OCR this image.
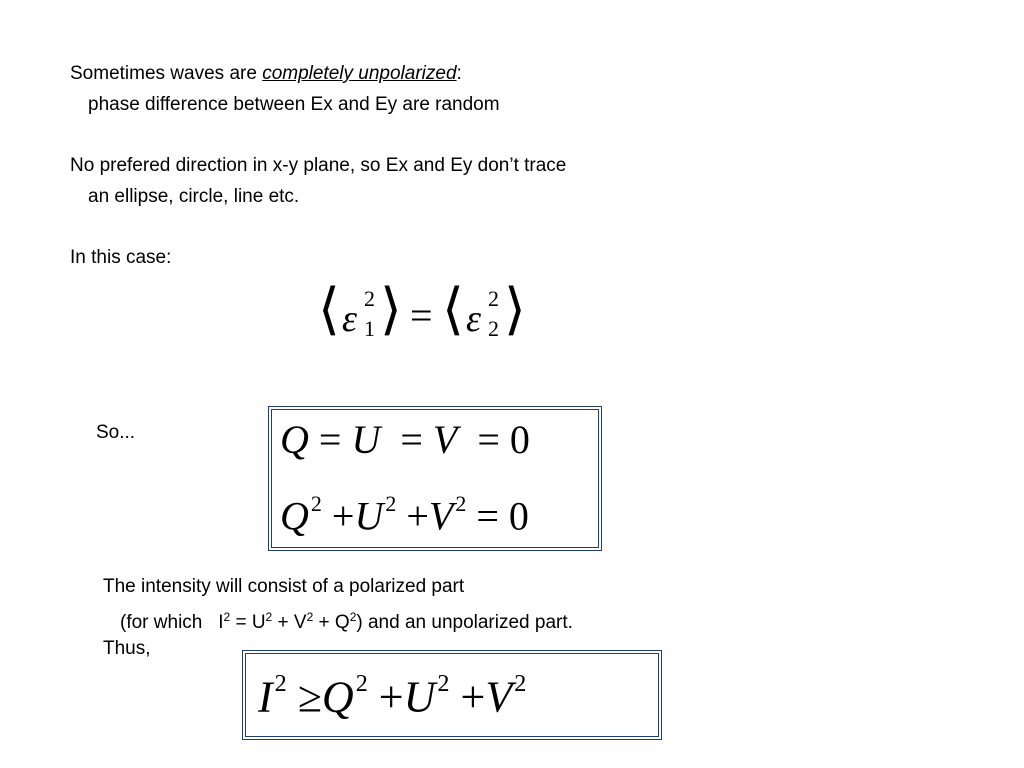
Sometimes waves are completely unpolarized:
phase difference between Ex and Ey are random
No prefered direction in x-y plane, so Ex and Ey don’t trace
an ellipse, circle, line etc.
In this case:
⟨ ε 2
1 ⟩ = ⟨ ε 2
2 ⟩
So...	Q = U = V = 0
$Q^2 +U^2 +V^2 = 0$
The intensity will consist of a polarized part
(for which   $I^2 = U^2 + V^2 + Q^2$) and an unpolarized part.
Thus,
$I^2 \ge Q^2 +U^2 +V^2$
